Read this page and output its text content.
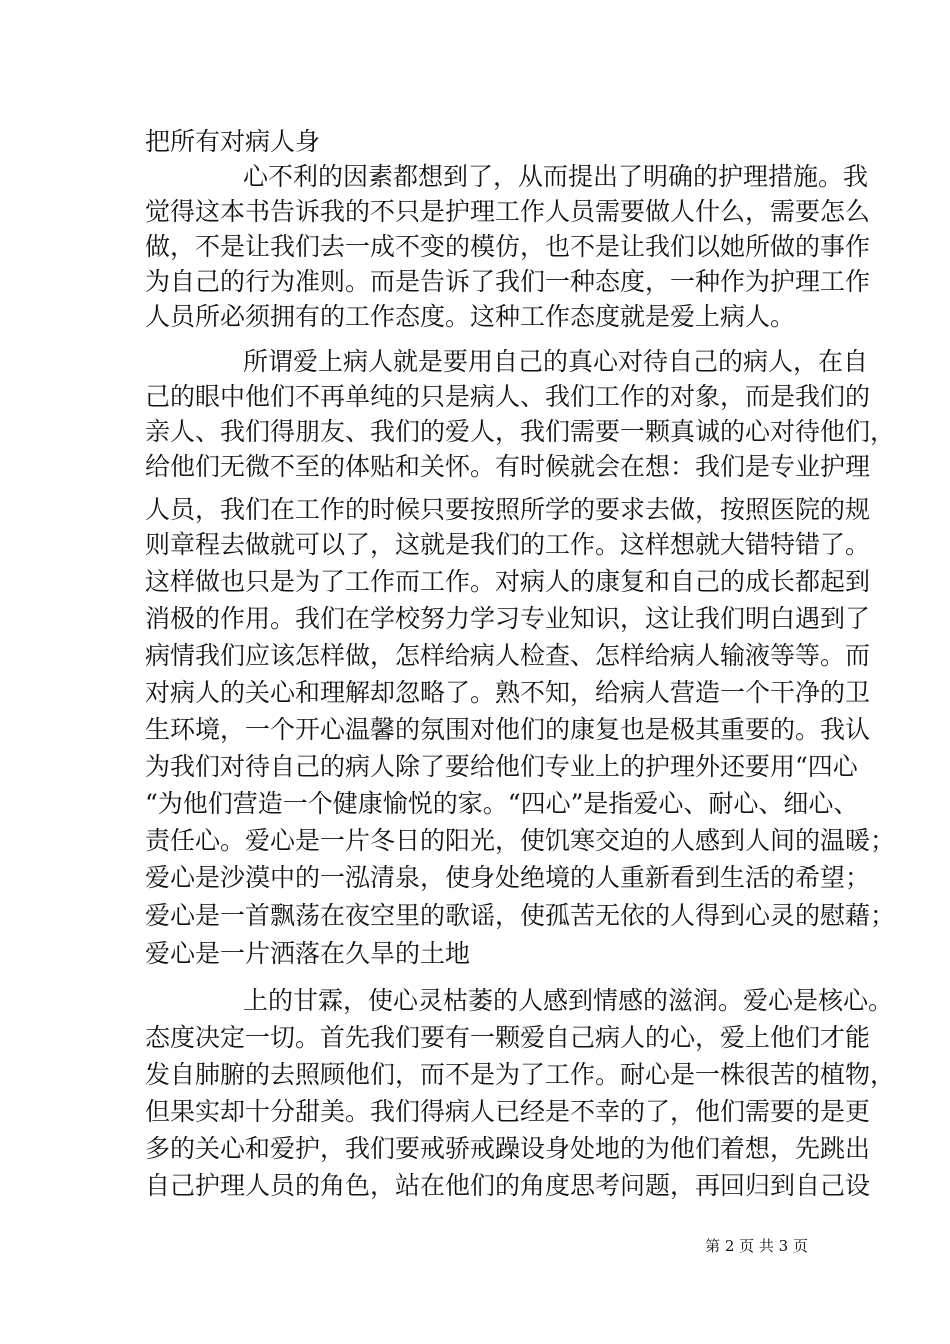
把所有对病人身
心不利的因素都想到了，从而提出了明确的护理措施。我
觉得这本书告诉我的不只是护理工作人员需要做人什么，需要怎么
做，不是让我们去一成不变的模仿，也不是让我们以她所做的事作
为自己的行为准则。而是告诉了我们一种态度，一种作为护理工作
人员所必须拥有的工作态度。这种工作态度就是爱上病人。
所谓爱上病人就是要用自己的真心对待自己的病人，在自
己的眼中他们不再单纯的只是病人、我们工作的对象，而是我们的
亲人、我们得朋友、我们的爱人，我们需要一颗真诚的心对待他们，
给他们无微不至的体贴和关怀。有时候就会在想：我们是专业护理
人员，我们在工作的时候只要按照所学的要求去做，按照医院的规
则章程去做就可以了，这就是我们的工作。这样想就大错特错了。
这样做也只是为了工作而工作。对病人的康复和自己的成长都起到
消极的作用。我们在学校努力学习专业知识，这让我们明白遇到了
病情我们应该怎样做，怎样给病人检查、怎样给病人输液等等。而
对病人的关心和理解却忽略了。熟不知，给病人营造一个干净的卫
生环境，一个开心温馨的氛围对他们的康复也是极其重要的。我认
为我们对待自己的病人除了要给他们专业上的护理外还要用“四心
“为他们营造一个健康愉悦的家。“四心”是指爱心、耐心、细心、
责任心。爱心是一片冬日的阳光，使饥寒交迫的人感到人间的温暖；
爱心是沙漠中的一泓清泉，使身处绝境的人重新看到生活的希望；
爱心是一首飘荡在夜空里的歌谣，使孤苦无依的人得到心灵的慰藉；
爱心是一片洒落在久旱的土地
上的甘霖，使心灵枯萎的人感到情感的滋润。爱心是核心。
态度决定一切。首先我们要有一颗爱自己病人的心，爱上他们才能
发自肺腑的去照顾他们，而不是为了工作。耐心是一株很苦的植物，
但果实却十分甜美。我们得病人已经是不幸的了，他们需要的是更
多的关心和爱护，我们要戒骄戒躁设身处地的为他们着想，先跳出
自己护理人员的角色，站在他们的角度思考问题，再回归到自己设
第 2 页 共 3 页
